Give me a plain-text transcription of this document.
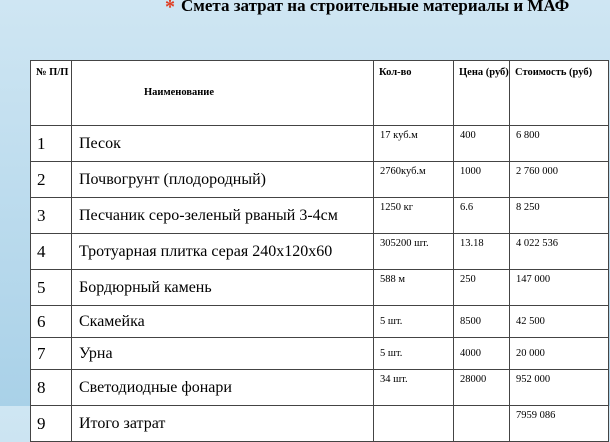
* Смета затрат на строительные материалы и МАФ
№ П/П	Наименование	Кол-во	Цена (руб)	Стоимость (руб)
1	Песок	17 куб.м	400	6 800
2	Почвогрунт (плодородный)	2760куб.м	1000	2 760 000
3	Песчаник серо-зеленый рваный 3-4см	1250 кг	6.6	8 250
4	Тротуарная плитка серая 240х120х60	305200 шт.	13.18	4 022 536
5	Бордюрный камень	588 м	250	147 000
6	Скамейка	5 шт.	8500	42 500
7	Урна	5 шт.	4000	20 000
8	Светодиодные фонари	34 шт.	28000	952 000
9	Итого затрат			7959 086
